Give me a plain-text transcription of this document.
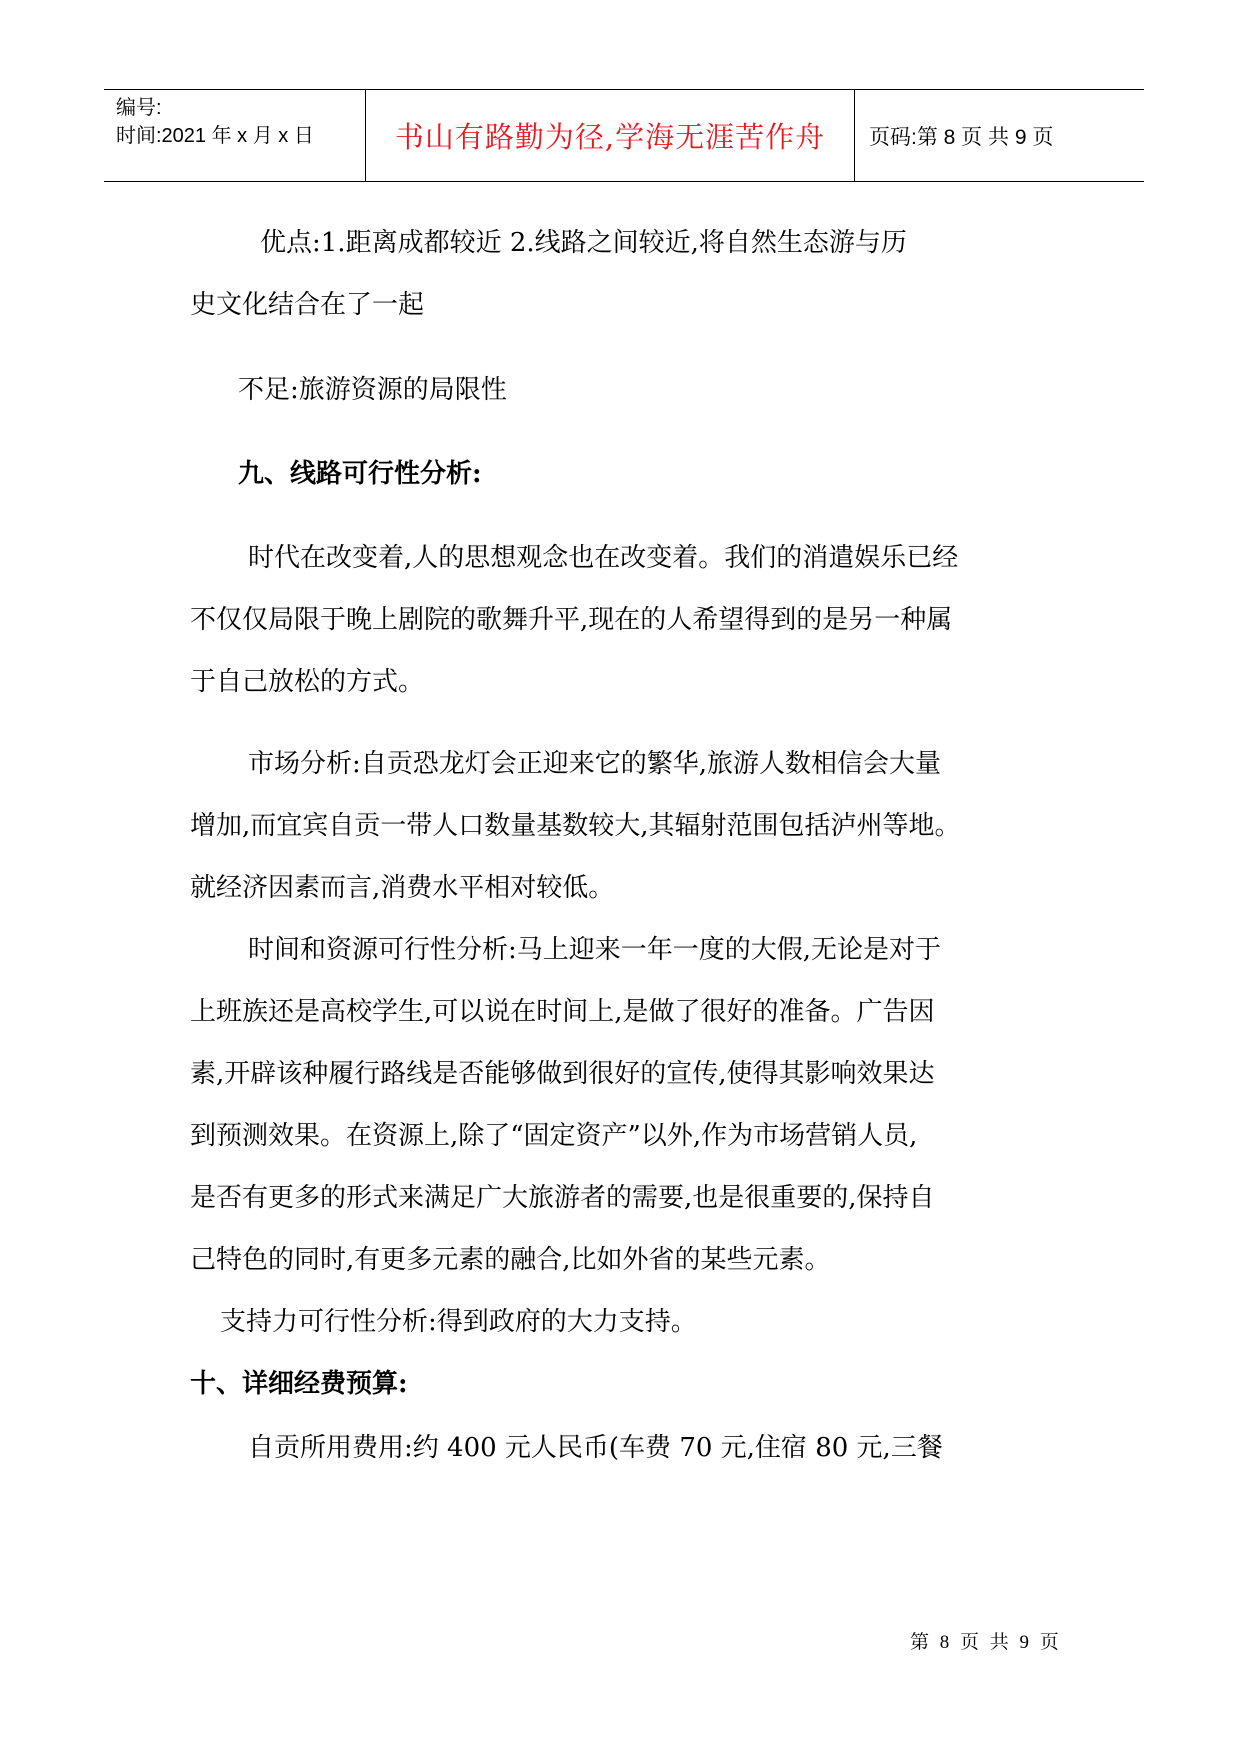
编号:
时间:2021 年 x 月 x 日	书山有路勤为径,学海无涯苦作舟 页码:第 8 页 共 9 页

优点:1.距离成都较近 2.线路之间较近,将自然生态游与历

史文化结合在了一起

不足:旅游资源的局限性

九、线路可行性分析:

时代在改变着,人的思想观念也在改变着。我们的消遣娱乐已经

不仅仅局限于晚上剧院的歌舞升平,现在的人希望得到的是另一种属

于自己放松的方式。

市场分析:自贡恐龙灯会正迎来它的繁华,旅游人数相信会大量

增加,而宜宾自贡一带人口数量基数较大,其辐射范围包括泸州等地。

就经济因素而言,消费水平相对较低。

时间和资源可行性分析:马上迎来一年一度的大假,无论是对于

上班族还是高校学生,可以说在时间上,是做了很好的准备。广告因

素,开辟该种履行路线是否能够做到很好的宣传,使得其影响效果达

到预测效果。在资源上,除了“固定资产”以外,作为市场营销人员,

是否有更多的形式来满足广大旅游者的需要,也是很重要的,保持自

己特色的同时,有更多元素的融合,比如外省的某些元素。

支持力可行性分析:得到政府的大力支持。

十、详细经费预算:

自贡所用费用:约 400 元人民币(车费 70 元,住宿 80 元,三餐

第 8 页 共 9 页
